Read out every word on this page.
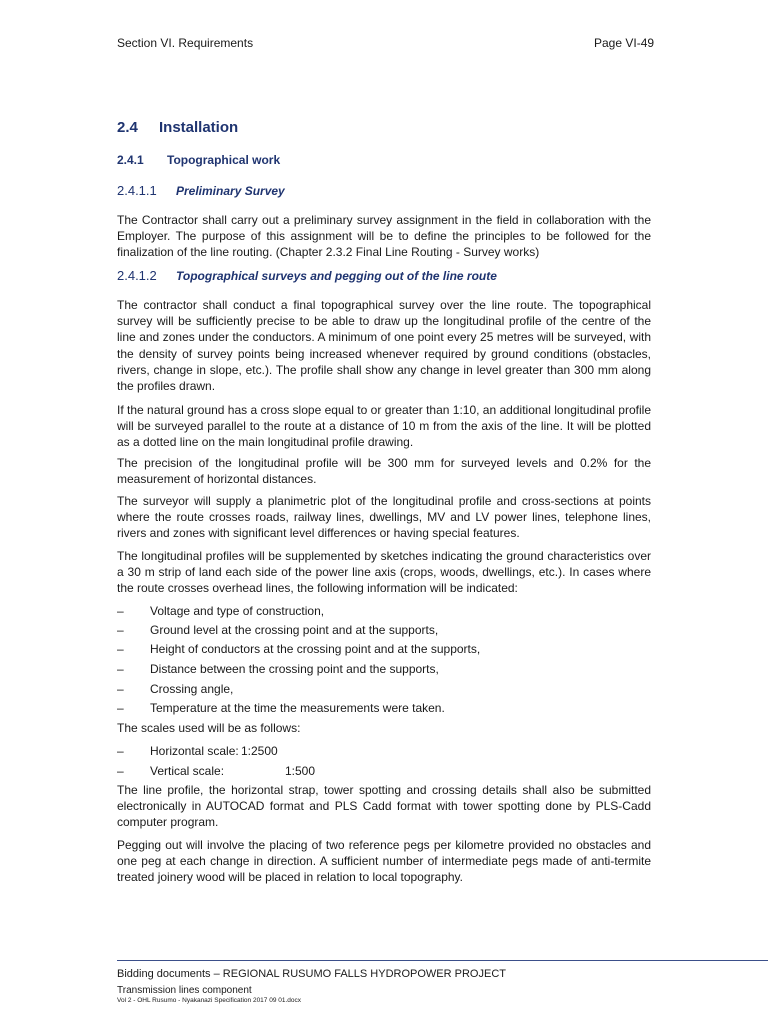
Section VI. Requirements	Page VI-49
2.4 Installation
2.4.1 Topographical work
2.4.1.1 Preliminary Survey
The Contractor shall carry out a preliminary survey assignment in the field in collaboration with the Employer. The purpose of this assignment will be to define the principles to be followed for the finalization of the line routing. (Chapter 2.3.2 Final Line Routing - Survey works)
2.4.1.2 Topographical surveys and pegging out of the line route
The contractor shall conduct a final topographical survey over the line route. The topographical survey will be sufficiently precise to be able to draw up the longitudinal profile of the centre of the line and zones under the conductors. A minimum of one point every 25 metres will be surveyed, with the density of survey points being increased whenever required by ground conditions (obstacles, rivers, change in slope, etc.). The profile shall show any change in level greater than 300 mm along the profiles drawn.
If the natural ground has a cross slope equal to or greater than 1:10, an additional longitudinal profile will be surveyed parallel to the route at a distance of 10 m from the axis of the line. It will be plotted as a dotted line on the main longitudinal profile drawing.
The precision of the longitudinal profile will be 300 mm for surveyed levels and 0.2% for the measurement of horizontal distances.
The surveyor will supply a planimetric plot of the longitudinal profile and cross-sections at points where the route crosses roads, railway lines, dwellings, MV and LV power lines, telephone lines, rivers and zones with significant level differences or having special features.
The longitudinal profiles will be supplemented by sketches indicating the ground characteristics over a 30 m strip of land each side of the power line axis (crops, woods, dwellings, etc.). In cases where the route crosses overhead lines, the following information will be indicated:
– Voltage and type of construction,
– Ground level at the crossing point and at the supports,
– Height of conductors at the crossing point and at the supports,
– Distance between the crossing point and the supports,
– Crossing angle,
– Temperature at the time the measurements were taken.
The scales used will be as follows:
– Horizontal scale: 1:2500
– Vertical scale:	1:500
The line profile, the horizontal strap, tower spotting and crossing details shall also be submitted electronically in AUTOCAD format and PLS Cadd format with tower spotting done by PLS-Cadd computer program.
Pegging out will involve the placing of two reference pegs per kilometre provided no obstacles and one peg at each change in direction. A sufficient number of intermediate pegs made of anti-termite treated joinery wood will be placed in relation to local topography.
Bidding documents – REGIONAL RUSUMO FALLS HYDROPOWER PROJECT
Transmission lines component
Vol 2 - OHL Rusumo - Nyakanazi Specification 2017 09 01.docx
